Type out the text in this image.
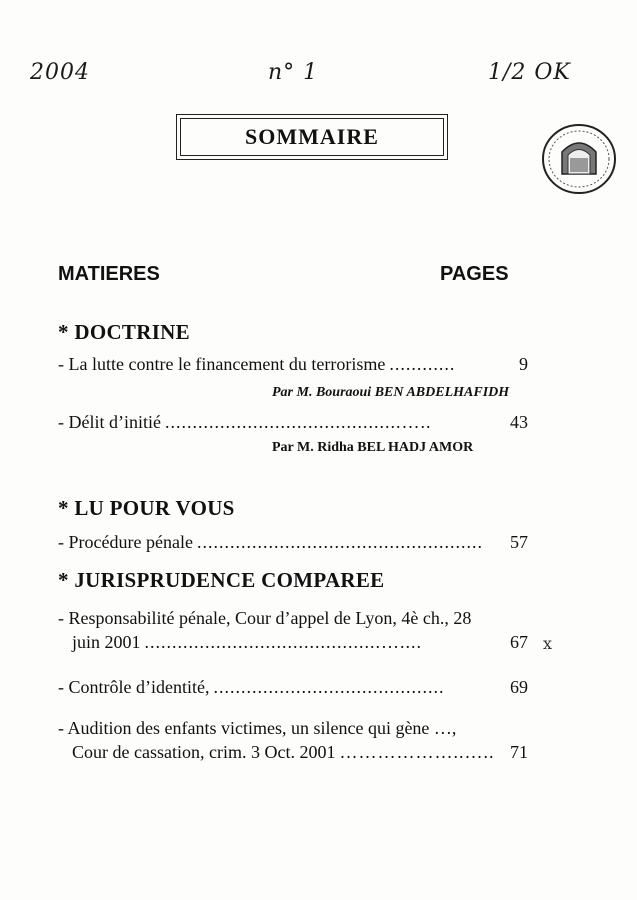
2004	n° 1	1/2 OK
SOMMAIRE
MATIERES	PAGES
* DOCTRINE
- La lutte contre le financement du terrorisme ............	9
Par M. Bouraoui BEN ABDELHAFIDH
- Délit d’initié ...........................................…..	43
Par M. Ridha BEL HADJ AMOR
* LU POUR VOUS
- Procédure pénale ....................................................	57
* JURISPRUDENCE COMPAREE
- Responsabilité pénale, Cour d’appel de Lyon, 4è ch., 28
juin 2001 ...........................................…....	67 ⅹ
- Contrôle d’identité, ..........................................	69
- Audition des enfants victimes, un silence qui gène …,
Cour de cassation, crim. 3 Oct. 2001 ………………..….. 71
